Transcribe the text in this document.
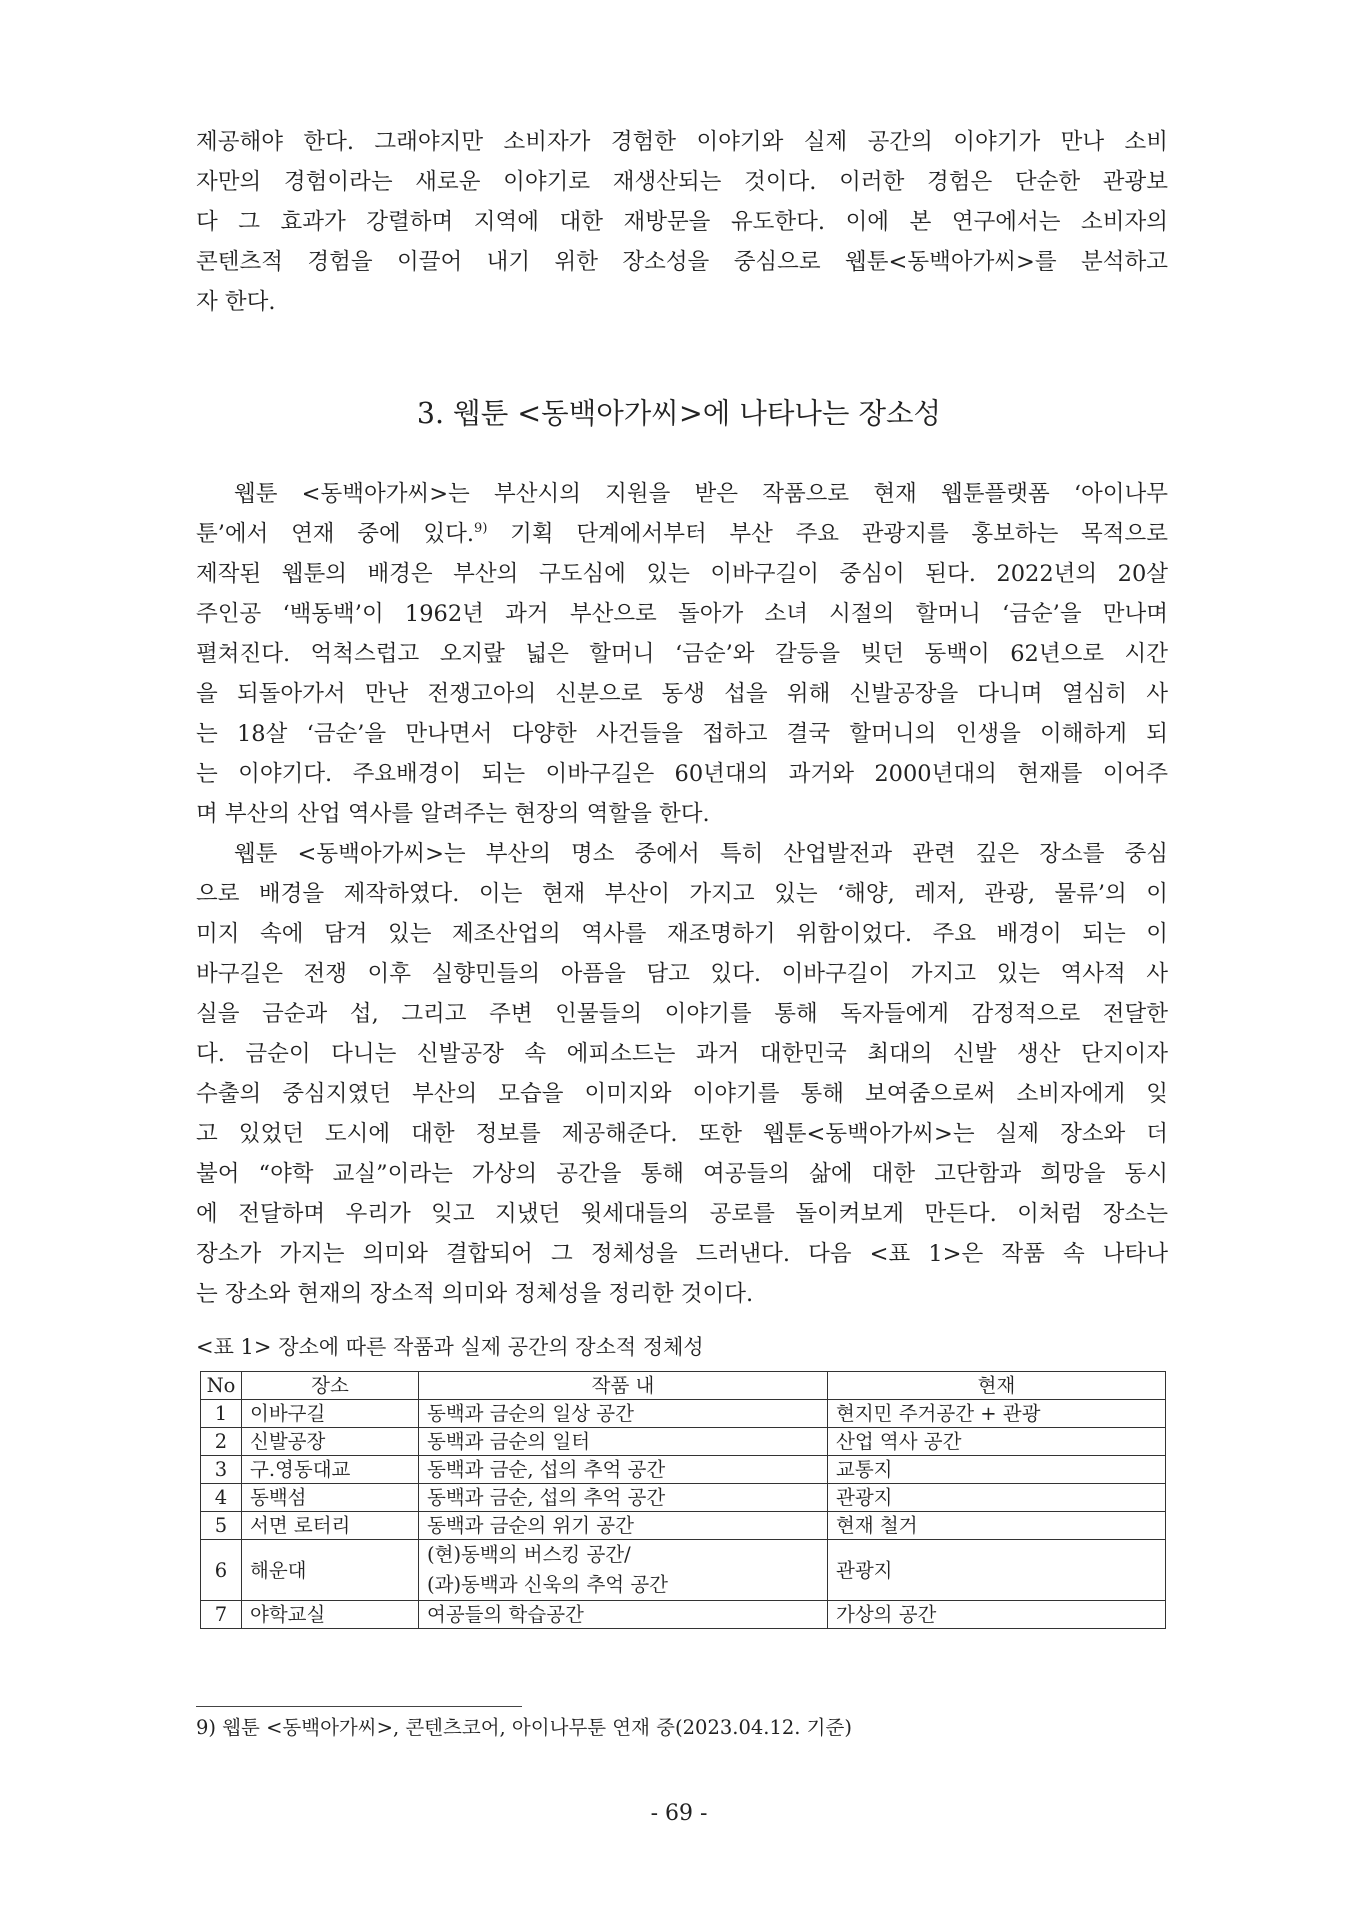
제공해야 한다. 그래야지만 소비자가 경험한 이야기와 실제 공간의 이야기가 만나 소비
자만의 경험이라는 새로운 이야기로 재생산되는 것이다. 이러한 경험은 단순한 관광보
다 그 효과가 강렬하며 지역에 대한 재방문을 유도한다. 이에 본 연구에서는 소비자의
콘텐츠적 경험을 이끌어 내기 위한 장소성을 중심으로 웹툰<동백아가씨>를 분석하고
자 한다.
3. 웹툰 <동백아가씨>에 나타나는 장소성
웹툰 <동백아가씨>는 부산시의 지원을 받은 작품으로 현재 웹툰플랫폼 ‘아이나무
툰’에서 연재 중에 있다.$^{9)}$ 기획 단계에서부터 부산 주요 관광지를 홍보하는 목적으로
제작된 웹툰의 배경은 부산의 구도심에 있는 이바구길이 중심이 된다. 2022년의 20살
주인공 ‘백동백’이 1962년 과거 부산으로 돌아가 소녀 시절의 할머니 ‘금순’을 만나며
펼쳐진다. 억척스럽고 오지랖 넓은 할머니 ‘금순’와 갈등을 빚던 동백이 62년으로 시간
을 되돌아가서 만난 전쟁고아의 신분으로 동생 섭을 위해 신발공장을 다니며 열심히 사
는 18살 ‘금순’을 만나면서 다양한 사건들을 접하고 결국 할머니의 인생을 이해하게 되
는 이야기다. 주요배경이 되는 이바구길은 60년대의 과거와 2000년대의 현재를 이어주
며 부산의 산업 역사를 알려주는 현장의 역할을 한다.
웹툰 <동백아가씨>는 부산의 명소 중에서 특히 산업발전과 관련 깊은 장소를 중심
으로 배경을 제작하였다. 이는 현재 부산이 가지고 있는 ‘해양, 레저, 관광, 물류’의 이
미지 속에 담겨 있는 제조산업의 역사를 재조명하기 위함이었다. 주요 배경이 되는 이
바구길은 전쟁 이후 실향민들의 아픔을 담고 있다. 이바구길이 가지고 있는 역사적 사
실을 금순과 섭, 그리고 주변 인물들의 이야기를 통해 독자들에게 감정적으로 전달한
다. 금순이 다니는 신발공장 속 에피소드는 과거 대한민국 최대의 신발 생산 단지이자
수출의 중심지였던 부산의 모습을 이미지와 이야기를 통해 보여줌으로써 소비자에게 잊
고 있었던 도시에 대한 정보를 제공해준다. 또한 웹툰<동백아가씨>는 실제 장소와 더
불어 “야학 교실”이라는 가상의 공간을 통해 여공들의 삶에 대한 고단함과 희망을 동시
에 전달하며 우리가 잊고 지냈던 윗세대들의 공로를 돌이켜보게 만든다. 이처럼 장소는
장소가 가지는 의미와 결합되어 그 정체성을 드러낸다. 다음 <표 1>은 작품 속 나타나
는 장소와 현재의 장소적 의미와 정체성을 정리한 것이다.
<표 1> 장소에 따른 작품과 실제 공간의 장소적 정체성
No	장소	작품 내	현재
1	이바구길	동백과 금순의 일상 공간	현지민 주거공간 + 관광
2	신발공장	동백과 금순의 일터	산업 역사 공간
3	구.영동대교	동백과 금순, 섭의 추억 공간	교통지
4	동백섬	동백과 금순, 섭의 추억 공간	관광지
5	서면 로터리	동백과 금순의 위기 공간	현재 철거
6	해운대	(현)동백의 버스킹 공간/
(과)동백과 신욱의 추억 공간	관광지
7	야학교실	여공들의 학습공간	가상의 공간
9) 웹툰 <동백아가씨>, 콘텐츠코어, 아이나무툰 연재 중(2023.04.12. 기준)
- 69 -
